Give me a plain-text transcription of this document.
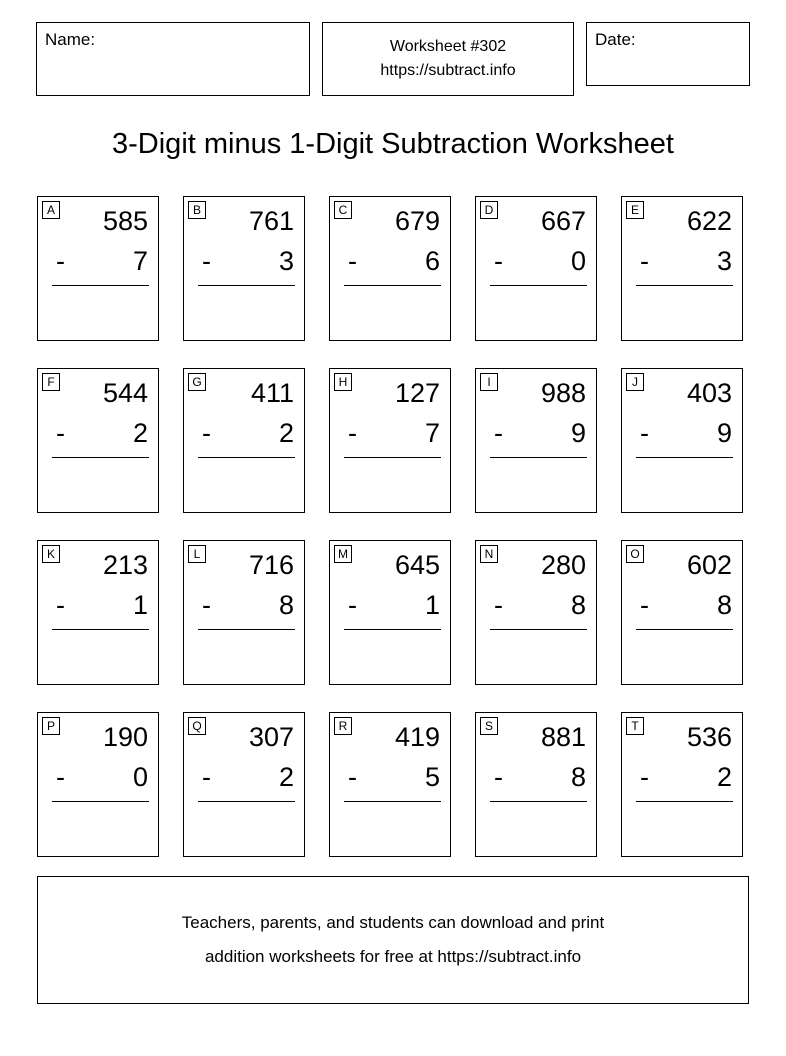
Name:	Worksheet #302
https://subtract.info
Date:
3-Digit minus 1-Digit Subtraction Worksheet
A	585
-	7
B	761
-	3
C	679
-	6
D	667
-	0
E	622
-	3
F	544
-	2
G	411
-	2
H	127
-	7
I	988
-	9
J	403
-	9
K	213
-	1
L	716
-	8
M	645
-	1
N	280
-	8
O	602
-	8
P	190
-	0
Q	307
-	2
R	419
-	5
S	881
-	8
T	536
-	2
Teachers, parents, and students can download and print
addition worksheets for free at https://subtract.info
